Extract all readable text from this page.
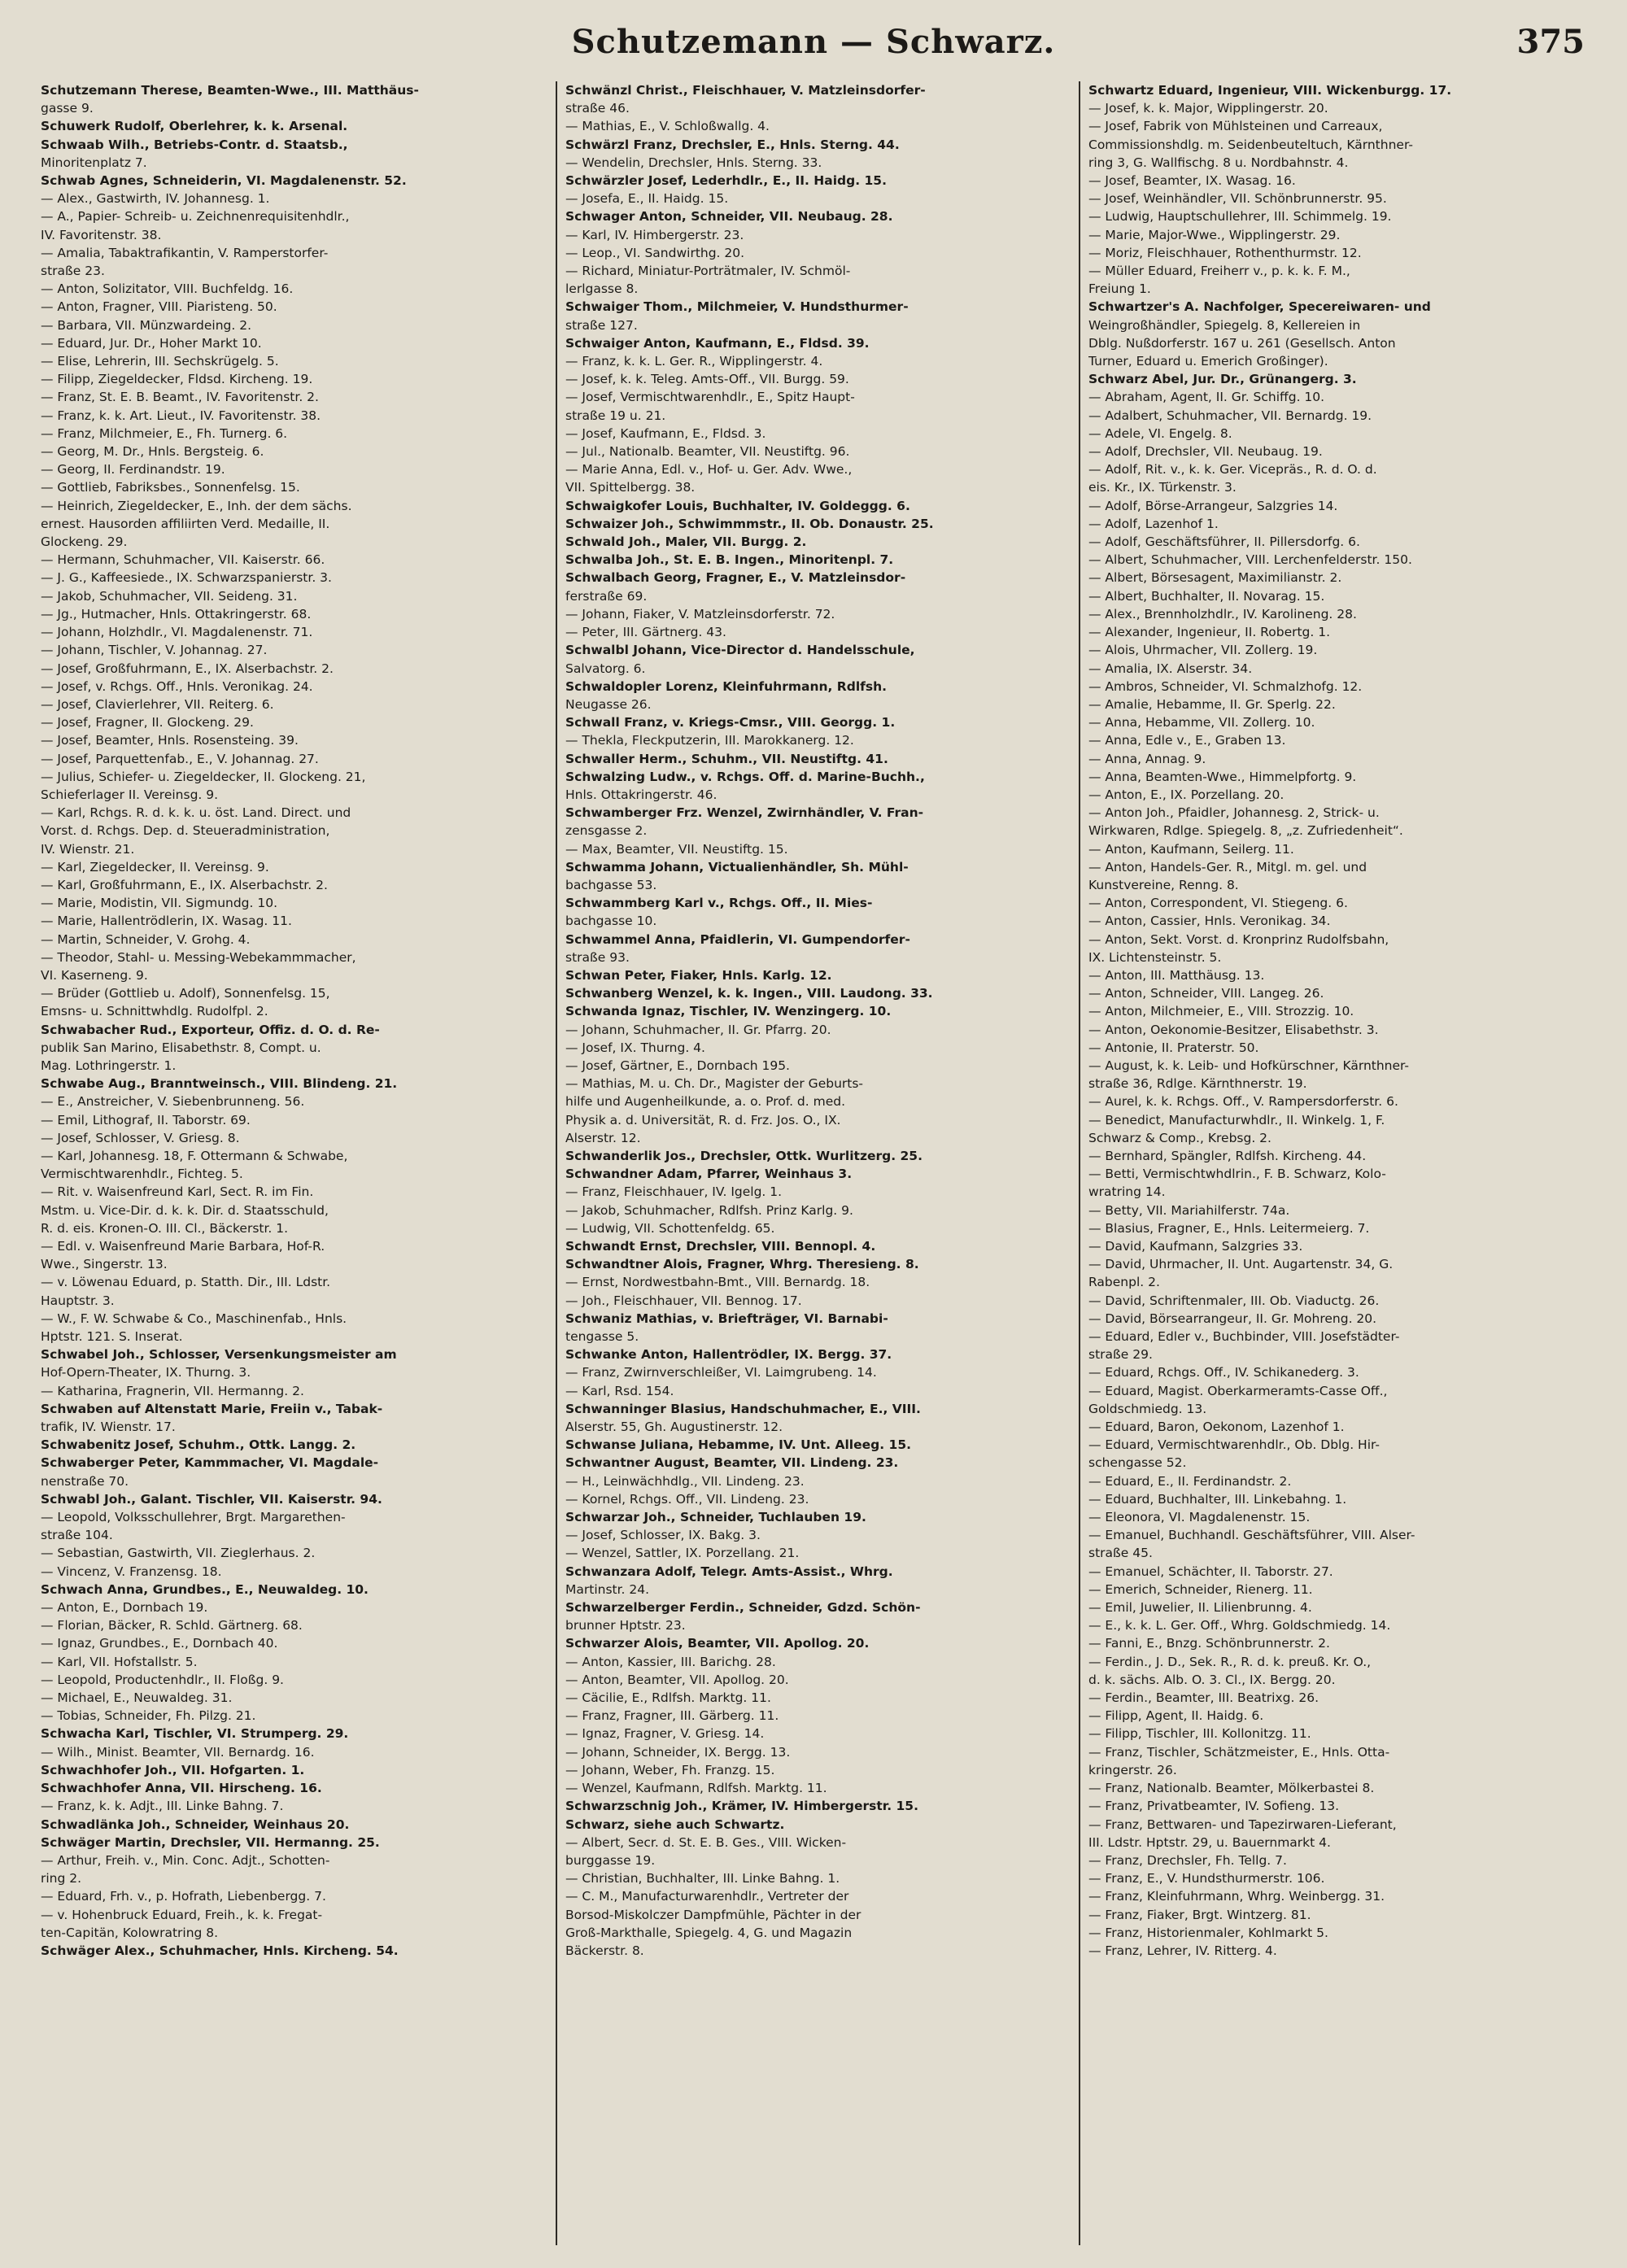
Schutzemann — Schwarz.	375
Schutzemann Therese, Beamten-Wwe., III. Matthäus-
gasse 9.
Schuwerk Rudolf, Oberlehrer, k. k. Arsenal.
Schwaab Wilh., Betriebs-Contr. d. Staatsb.,
Minoritenplatz 7.
Schwab Agnes, Schneiderin, VI. Magdalenenstr. 52.
— Alex., Gastwirth, IV. Johannesg. 1.
— A., Papier- Schreib- u. Zeichnenrequisitenhdlr.,
IV. Favoritenstr. 38.
— Amalia, Tabaktrafikantin, V. Ramperstorfer-
straße 23.
— Anton, Solizitator, VIII. Buchfeldg. 16.
— Anton, Fragner, VIII. Piaristeng. 50.
— Barbara, VII. Münzwardeing. 2.
— Eduard, Jur. Dr., Hoher Markt 10.
— Elise, Lehrerin, III. Sechskrügelg. 5.
— Filipp, Ziegeldecker, Fldsd. Kircheng. 19.
— Franz, St. E. B. Beamt., IV. Favoritenstr. 2.
— Franz, k. k. Art. Lieut., IV. Favoritenstr. 38.
— Franz, Milchmeier, E., Fh. Turnerg. 6.
— Georg, M. Dr., Hnls. Bergsteig. 6.
— Georg, II. Ferdinandstr. 19.
— Gottlieb, Fabriksbes., Sonnenfelsg. 15.
— Heinrich, Ziegeldecker, E., Inh. der dem sächs.
ernest. Hausorden affiliirten Verd. Medaille, II.
Glockeng. 29.
— Hermann, Schuhmacher, VII. Kaiserstr. 66.
— J. G., Kaffeesiede., IX. Schwarzspanierstr. 3.
— Jakob, Schuhmacher, VII. Seideng. 31.
— Jg., Hutmacher, Hnls. Ottakringerstr. 68.
— Johann, Holzhdlr., VI. Magdalenenstr. 71.
— Johann, Tischler, V. Johannag. 27.
— Josef, Großfuhrmann, E., IX. Alserbachstr. 2.
— Josef, v. Rchgs. Off., Hnls. Veronikag. 24.
— Josef, Clavierlehrer, VII. Reiterg. 6.
— Josef, Fragner, II. Glockeng. 29.
— Josef, Beamter, Hnls. Rosensteing. 39.
— Josef, Parquettenfab., E., V. Johannag. 27.
— Julius, Schiefer- u. Ziegeldecker, II. Glockeng. 21,
Schieferlager II. Vereinsg. 9.
— Karl, Rchgs. R. d. k. k. u. öst. Land. Direct. und
Vorst. d. Rchgs. Dep. d. Steueradministration,
IV. Wienstr. 21.
— Karl, Ziegeldecker, II. Vereinsg. 9.
— Karl, Großfuhrmann, E., IX. Alserbachstr. 2.
— Marie, Modistin, VII. Sigmundg. 10.
— Marie, Hallentrödlerin, IX. Wasag. 11.
— Martin, Schneider, V. Grohg. 4.
— Theodor, Stahl- u. Messing-Webekammmacher,
VI. Kaserneng. 9.
— Brüder (Gottlieb u. Adolf), Sonnenfelsg. 15,
Emsns- u. Schnittwhdlg. Rudolfpl. 2.
Schwabacher Rud., Exporteur, Offiz. d. O. d. Re-
publik San Marino, Elisabethstr. 8, Compt. u.
Mag. Lothringerstr. 1.
Schwabe Aug., Branntweinsch., VIII. Blindeng. 21.
— E., Anstreicher, V. Siebenbrunneng. 56.
— Emil, Lithograf, II. Taborstr. 69.
— Josef, Schlosser, V. Griesg. 8.
— Karl, Johannesg. 18, F. Ottermann & Schwabe,
Vermischtwarenhdlr., Fichteg. 5.
— Rit. v. Waisenfreund Karl, Sect. R. im Fin.
Mstm. u. Vice-Dir. d. k. k. Dir. d. Staatsschuld,
R. d. eis. Kronen-O. III. Cl., Bäckerstr. 1.
— Edl. v. Waisenfreund Marie Barbara, Hof-R.
Wwe., Singerstr. 13.
— v. Löwenau Eduard, p. Statth. Dir., III. Ldstr.
Hauptstr. 3.
— W., F. W. Schwabe & Co., Maschinenfab., Hnls.
Hptstr. 121. S. Inserat.
Schwabel Joh., Schlosser, Versenkungsmeister am
Hof-Opern-Theater, IX. Thurng. 3.
— Katharina, Fragnerin, VII. Hermanng. 2.
Schwaben auf Altenstatt Marie, Freiin v., Tabak-
trafik, IV. Wienstr. 17.
Schwabenitz Josef, Schuhm., Ottk. Langg. 2.
Schwaberger Peter, Kammmacher, VI. Magdale-
nenstraße 70.
Schwabl Joh., Galant. Tischler, VII. Kaiserstr. 94.
— Leopold, Volksschullehrer, Brgt. Margarethen-
straße 104.
— Sebastian, Gastwirth, VII. Zieglerhaus. 2.
— Vincenz, V. Franzensg. 18.
Schwach Anna, Grundbes., E., Neuwaldeg. 10.
— Anton, E., Dornbach 19.
— Florian, Bäcker, R. Schld. Gärtnerg. 68.
— Ignaz, Grundbes., E., Dornbach 40.
— Karl, VII. Hofstallstr. 5.
— Leopold, Productenhdlr., II. Floßg. 9.
— Michael, E., Neuwaldeg. 31.
— Tobias, Schneider, Fh. Pilzg. 21.
Schwacha Karl, Tischler, VI. Strumperg. 29.
— Wilh., Minist. Beamter, VII. Bernardg. 16.
Schwachhofer Joh., VII. Hofgarten. 1.
Schwachhofer Anna, VII. Hirscheng. 16.
— Franz, k. k. Adjt., III. Linke Bahng. 7.
Schwadlänka Joh., Schneider, Weinhaus 20.
Schwäger Martin, Drechsler, VII. Hermanng. 25.
— Arthur, Freih. v., Min. Conc. Adjt., Schotten-
ring 2.
— Eduard, Frh. v., p. Hofrath, Liebenbergg. 7.
— v. Hohenbruck Eduard, Freih., k. k. Fregat-
ten-Capitän, Kolowratring 8.
Schwäger Alex., Schuhmacher, Hnls. Kircheng. 54.
Schwänzl Christ., Fleischhauer, V. Matzleinsdorfer-
straße 46.
— Mathias, E., V. Schloßwallg. 4.
Schwärzl Franz, Drechsler, E., Hnls. Sterng. 44.
— Wendelin, Drechsler, Hnls. Sterng. 33.
Schwärzler Josef, Lederhdlr., E., II. Haidg. 15.
— Josefa, E., II. Haidg. 15.
Schwager Anton, Schneider, VII. Neubaug. 28.
— Karl, IV. Himbergerstr. 23.
— Leop., VI. Sandwirthg. 20.
— Richard, Miniatur-Porträtmaler, IV. Schmöl-
lerlgasse 8.
Schwaiger Thom., Milchmeier, V. Hundsthurmer-
straße 127.
Schwaiger Anton, Kaufmann, E., Fldsd. 39.
— Franz, k. k. L. Ger. R., Wipplingerstr. 4.
— Josef, k. k. Teleg. Amts-Off., VII. Burgg. 59.
— Josef, Vermischtwarenhdlr., E., Spitz Haupt-
straße 19 u. 21.
— Josef, Kaufmann, E., Fldsd. 3.
— Jul., Nationalb. Beamter, VII. Neustiftg. 96.
— Marie Anna, Edl. v., Hof- u. Ger. Adv. Wwe.,
VII. Spittelbergg. 38.
Schwaigkofer Louis, Buchhalter, IV. Goldeggg. 6.
Schwaizer Joh., Schwimmmstr., II. Ob. Donaustr. 25.
Schwald Joh., Maler, VII. Burgg. 2.
Schwalba Joh., St. E. B. Ingen., Minoritenpl. 7.
Schwalbach Georg, Fragner, E., V. Matzleinsdor-
ferstraße 69.
— Johann, Fiaker, V. Matzleinsdorferstr. 72.
— Peter, III. Gärtnerg. 43.
Schwalbl Johann, Vice-Director d. Handelsschule,
Salvatorg. 6.
Schwaldopler Lorenz, Kleinfuhrmann, Rdlfsh.
Neugasse 26.
Schwall Franz, v. Kriegs-Cmsr., VIII. Georgg. 1.
— Thekla, Fleckputzerin, III. Marokkanerg. 12.
Schwaller Herm., Schuhm., VII. Neustiftg. 41.
Schwalzing Ludw., v. Rchgs. Off. d. Marine-Buchh.,
Hnls. Ottakringerstr. 46.
Schwamberger Frz. Wenzel, Zwirnhändler, V. Fran-
zensgasse 2.
— Max, Beamter, VII. Neustiftg. 15.
Schwamma Johann, Victualienhändler, Sh. Mühl-
bachgasse 53.
Schwammberg Karl v., Rchgs. Off., II. Mies-
bachgasse 10.
Schwammel Anna, Pfaidlerin, VI. Gumpendorfer-
straße 93.
Schwan Peter, Fiaker, Hnls. Karlg. 12.
Schwanberg Wenzel, k. k. Ingen., VIII. Laudong. 33.
Schwanda Ignaz, Tischler, IV. Wenzingerg. 10.
— Johann, Schuhmacher, II. Gr. Pfarrg. 20.
— Josef, IX. Thurng. 4.
— Josef, Gärtner, E., Dornbach 195.
— Mathias, M. u. Ch. Dr., Magister der Geburts-
hilfe und Augenheilkunde, a. o. Prof. d. med.
Physik a. d. Universität, R. d. Frz. Jos. O., IX.
Alserstr. 12.
Schwanderlik Jos., Drechsler, Ottk. Wurlitzerg. 25.
Schwandner Adam, Pfarrer, Weinhaus 3.
— Franz, Fleischhauer, IV. Igelg. 1.
— Jakob, Schuhmacher, Rdlfsh. Prinz Karlg. 9.
— Ludwig, VII. Schottenfeldg. 65.
Schwandt Ernst, Drechsler, VIII. Bennopl. 4.
Schwandtner Alois, Fragner, Whrg. Theresieng. 8.
— Ernst, Nordwestbahn-Bmt., VIII. Bernardg. 18.
— Joh., Fleischhauer, VII. Bennog. 17.
Schwaniz Mathias, v. Briefträger, VI. Barnabi-
tengasse 5.
Schwanke Anton, Hallentrödler, IX. Bergg. 37.
— Franz, Zwirnverschleißer, VI. Laimgrubeng. 14.
— Karl, Rsd. 154.
Schwanninger Blasius, Handschuhmacher, E., VIII.
Alserstr. 55, Gh. Augustinerstr. 12.
Schwanse Juliana, Hebamme, IV. Unt. Alleeg. 15.
Schwantner August, Beamter, VII. Lindeng. 23.
— H., Leinwächhdlg., VII. Lindeng. 23.
— Kornel, Rchgs. Off., VII. Lindeng. 23.
Schwarzar Joh., Schneider, Tuchlauben 19.
— Josef, Schlosser, IX. Bakg. 3.
— Wenzel, Sattler, IX. Porzellang. 21.
Schwanzara Adolf, Telegr. Amts-Assist., Whrg.
Martinstr. 24.
Schwarzelberger Ferdin., Schneider, Gdzd. Schön-
brunner Hptstr. 23.
Schwarzer Alois, Beamter, VII. Apollog. 20.
— Anton, Kassier, III. Barichg. 28.
— Anton, Beamter, VII. Apollog. 20.
— Cäcilie, E., Rdlfsh. Marktg. 11.
— Franz, Fragner, III. Gärberg. 11.
— Ignaz, Fragner, V. Griesg. 14.
— Johann, Schneider, IX. Bergg. 13.
— Johann, Weber, Fh. Franzg. 15.
— Wenzel, Kaufmann, Rdlfsh. Marktg. 11.
Schwarzschnig Joh., Krämer, IV. Himbergerstr. 15.
Schwarz, siehe auch Schwartz.
— Albert, Secr. d. St. E. B. Ges., VIII. Wicken-
burggasse 19.
— Christian, Buchhalter, III. Linke Bahng. 1.
— C. M., Manufacturwarenhdlr., Vertreter der
Borsod-Miskolczer Dampfmühle, Pächter in der
Groß-Markthalle, Spiegelg. 4, G. und Magazin
Bäckerstr. 8.
Schwartz Eduard, Ingenieur, VIII. Wickenburgg. 17.
— Josef, k. k. Major, Wipplingerstr. 20.
— Josef, Fabrik von Mühlsteinen und Carreaux,
Commissionshdlg. m. Seidenbeuteltuch, Kärnthner-
ring 3, G. Wallfischg. 8 u. Nordbahnstr. 4.
— Josef, Beamter, IX. Wasag. 16.
— Josef, Weinhändler, VII. Schönbrunnerstr. 95.
— Ludwig, Hauptschullehrer, III. Schimmelg. 19.
— Marie, Major-Wwe., Wipplingerstr. 29.
— Moriz, Fleischhauer, Rothenthurmstr. 12.
— Müller Eduard, Freiherr v., p. k. k. F. M.,
Freiung 1.
Schwartzer's A. Nachfolger, Specereiwaren- und
Weingroßhändler, Spiegelg. 8, Kellereien in
Dblg. Nußdorferstr. 167 u. 261 (Gesellsch. Anton
Turner, Eduard u. Emerich Großinger).
Schwarz Abel, Jur. Dr., Grünangerg. 3.
— Abraham, Agent, II. Gr. Schiffg. 10.
— Adalbert, Schuhmacher, VII. Bernardg. 19.
— Adele, VI. Engelg. 8.
— Adolf, Drechsler, VII. Neubaug. 19.
— Adolf, Rit. v., k. k. Ger. Vicepräs., R. d. O. d.
eis. Kr., IX. Türkenstr. 3.
— Adolf, Börse-Arrangeur, Salzgries 14.
— Adolf, Lazenhof 1.
— Adolf, Geschäftsführer, II. Pillersdorfg. 6.
— Albert, Schuhmacher, VIII. Lerchenfelderstr. 150.
— Albert, Börsesagent, Maximilianstr. 2.
— Albert, Buchhalter, II. Novarag. 15.
— Alex., Brennholzhdlr., IV. Karolineng. 28.
— Alexander, Ingenieur, II. Robertg. 1.
— Alois, Uhrmacher, VII. Zollerg. 19.
— Amalia, IX. Alserstr. 34.
— Ambros, Schneider, VI. Schmalzhofg. 12.
— Amalie, Hebamme, II. Gr. Sperlg. 22.
— Anna, Hebamme, VII. Zollerg. 10.
— Anna, Edle v., E., Graben 13.
— Anna, Annag. 9.
— Anna, Beamten-Wwe., Himmelpfortg. 9.
— Anton, E., IX. Porzellang. 20.
— Anton Joh., Pfaidler, Johannesg. 2, Strick- u.
Wirkwaren, Rdlge. Spiegelg. 8, „z. Zufriedenheit“.
— Anton, Kaufmann, Seilerg. 11.
— Anton, Handels-Ger. R., Mitgl. m. gel. und
Kunstvereine, Renng. 8.
— Anton, Correspondent, VI. Stiegeng. 6.
— Anton, Cassier, Hnls. Veronikag. 34.
— Anton, Sekt. Vorst. d. Kronprinz Rudolfsbahn,
IX. Lichtensteinstr. 5.
— Anton, III. Matthäusg. 13.
— Anton, Schneider, VIII. Langeg. 26.
— Anton, Milchmeier, E., VIII. Strozzig. 10.
— Anton, Oekonomie-Besitzer, Elisabethstr. 3.
— Antonie, II. Praterstr. 50.
— August, k. k. Leib- und Hofkürschner, Kärnthner-
straße 36, Rdlge. Kärnthnerstr. 19.
— Aurel, k. k. Rchgs. Off., V. Rampersdorferstr. 6.
— Benedict, Manufacturwhdlr., II. Winkelg. 1, F.
Schwarz & Comp., Krebsg. 2.
— Bernhard, Spängler, Rdlfsh. Kircheng. 44.
— Betti, Vermischtwhdlrin., F. B. Schwarz, Kolo-
wratring 14.
— Betty, VII. Mariahilferstr. 74a.
— Blasius, Fragner, E., Hnls. Leitermeierg. 7.
— David, Kaufmann, Salzgries 33.
— David, Uhrmacher, II. Unt. Augartenstr. 34, G.
Rabenpl. 2.
— David, Schriftenmaler, III. Ob. Viaductg. 26.
— David, Börsearrangeur, II. Gr. Mohreng. 20.
— Eduard, Edler v., Buchbinder, VIII. Josefstädter-
straße 29.
— Eduard, Rchgs. Off., IV. Schikanederg. 3.
— Eduard, Magist. Oberkarmeramts-Casse Off.,
Goldschmiedg. 13.
— Eduard, Baron, Oekonom, Lazenhof 1.
— Eduard, Vermischtwarenhdlr., Ob. Dblg. Hir-
schengasse 52.
— Eduard, E., II. Ferdinandstr. 2.
— Eduard, Buchhalter, III. Linkebahng. 1.
— Eleonora, VI. Magdalenenstr. 15.
— Emanuel, Buchhandl. Geschäftsführer, VIII. Alser-
straße 45.
— Emanuel, Schächter, II. Taborstr. 27.
— Emerich, Schneider, Rienerg. 11.
— Emil, Juwelier, II. Lilienbrunng. 4.
— E., k. k. L. Ger. Off., Whrg. Goldschmiedg. 14.
— Fanni, E., Bnzg. Schönbrunnerstr. 2.
— Ferdin., J. D., Sek. R., R. d. k. preuß. Kr. O.,
d. k. sächs. Alb. O. 3. Cl., IX. Bergg. 20.
— Ferdin., Beamter, III. Beatrixg. 26.
— Filipp, Agent, II. Haidg. 6.
— Filipp, Tischler, III. Kollonitzg. 11.
— Franz, Tischler, Schätzmeister, E., Hnls. Otta-
kringerstr. 26.
— Franz, Nationalb. Beamter, Mölkerbastei 8.
— Franz, Privatbeamter, IV. Sofieng. 13.
— Franz, Bettwaren- und Tapezirwaren-Lieferant,
III. Ldstr. Hptstr. 29, u. Bauernmarkt 4.
— Franz, Drechsler, Fh. Tellg. 7.
— Franz, E., V. Hundsthurmerstr. 106.
— Franz, Kleinfuhrmann, Whrg. Weinbergg. 31.
— Franz, Fiaker, Brgt. Wintzerg. 81.
— Franz, Historienmaler, Kohlmarkt 5.
— Franz, Lehrer, IV. Ritterg. 4.
